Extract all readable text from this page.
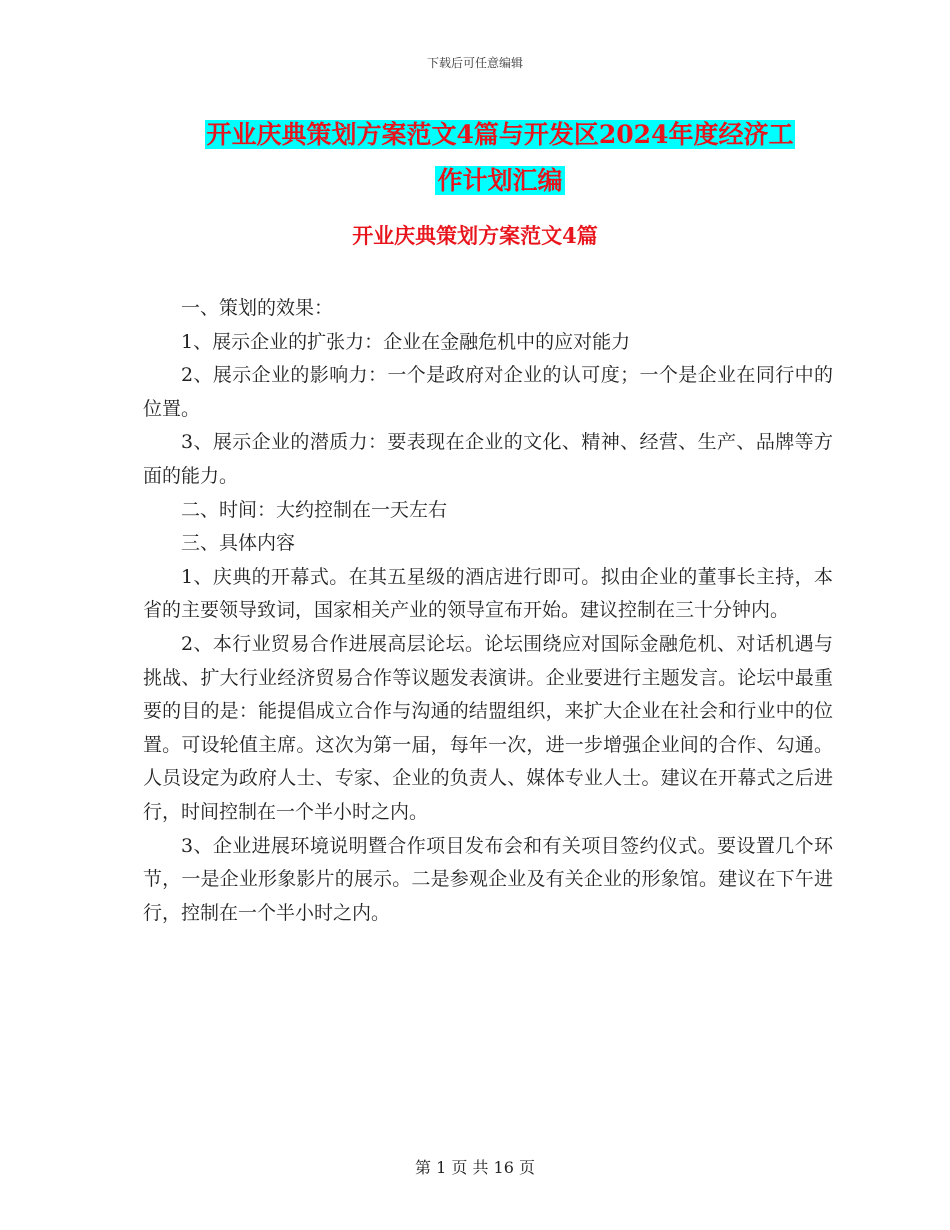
下载后可任意编辑
开业庆典策划方案范文4篇与开发区2024年度经济工
作计划汇编
开业庆典策划方案范文4篇

一、策划的效果：

1、展示企业的扩张力：企业在金融危机中的应对能力

2、展示企业的影响力：一个是政府对企业的认可度；一个是企业在同行中的位置。

3、展示企业的潜质力：要表现在企业的文化、精神、经营、生产、品牌等方面的能力。

二、时间：大约控制在一天左右

三、具体内容

1、庆典的开幕式。在其五星级的酒店进行即可。拟由企业的董事长主持，本省的主要领导致词，国家相关产业的领导宣布开始。建议控制在三十分钟内。

2、本行业贸易合作进展高层论坛。论坛围绕应对国际金融危机、对话机遇与挑战、扩大行业经济贸易合作等议题发表演讲。企业要进行主题发言。论坛中最重要的目的是：能提倡成立合作与沟通的结盟组织，来扩大企业在社会和行业中的位置。可设轮值主席。这次为第一届，每年一次，进一步增强企业间的合作、勾通。人员设定为政府人士、专家、企业的负责人、媒体专业人士。建议在开幕式之后进行，时间控制在一个半小时之内。

3、企业进展环境说明暨合作项目发布会和有关项目签约仪式。要设置几个环节，一是企业形象影片的展示。二是参观企业及有关企业的形象馆。建议在下午进行，控制在一个半小时之内。

第 1 页 共 16 页
